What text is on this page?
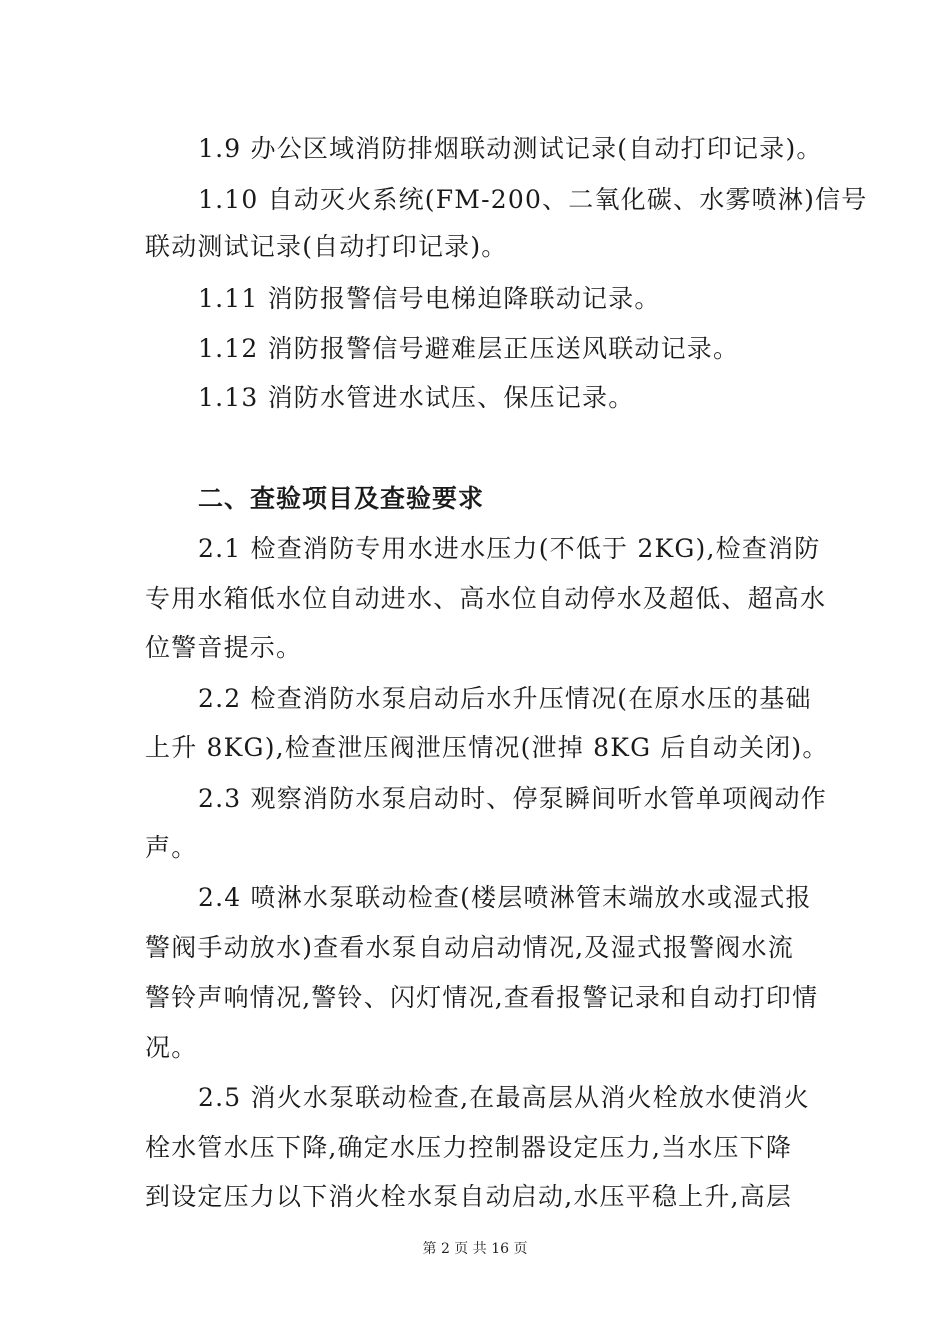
1.9 办公区域消防排烟联动测试记录(自动打印记录)。
1.10 自动灭火系统(FM-200、二氧化碳、水雾喷淋)信号
联动测试记录(自动打印记录)。
1.11 消防报警信号电梯迫降联动记录。
1.12 消防报警信号避难层正压送风联动记录。
1.13 消防水管进水试压、保压记录。
二、查验项目及查验要求
2.1 检查消防专用水进水压力(不低于 2KG),检查消防
专用水箱低水位自动进水、高水位自动停水及超低、超高水
位警音提示。
2.2 检查消防水泵启动后水升压情况(在原水压的基础
上升 8KG),检查泄压阀泄压情况(泄掉 8KG 后自动关闭)。
2.3 观察消防水泵启动时、停泵瞬间听水管单项阀动作
声。
2.4 喷淋水泵联动检查(楼层喷淋管末端放水或湿式报
警阀手动放水)查看水泵自动启动情况,及湿式报警阀水流
警铃声响情况,警铃、闪灯情况,查看报警记录和自动打印情
况。
2.5 消火水泵联动检查,在最高层从消火栓放水使消火
栓水管水压下降,确定水压力控制器设定压力,当水压下降
到设定压力以下消火栓水泵自动启动,水压平稳上升,高层
第 2 页 共 16 页
